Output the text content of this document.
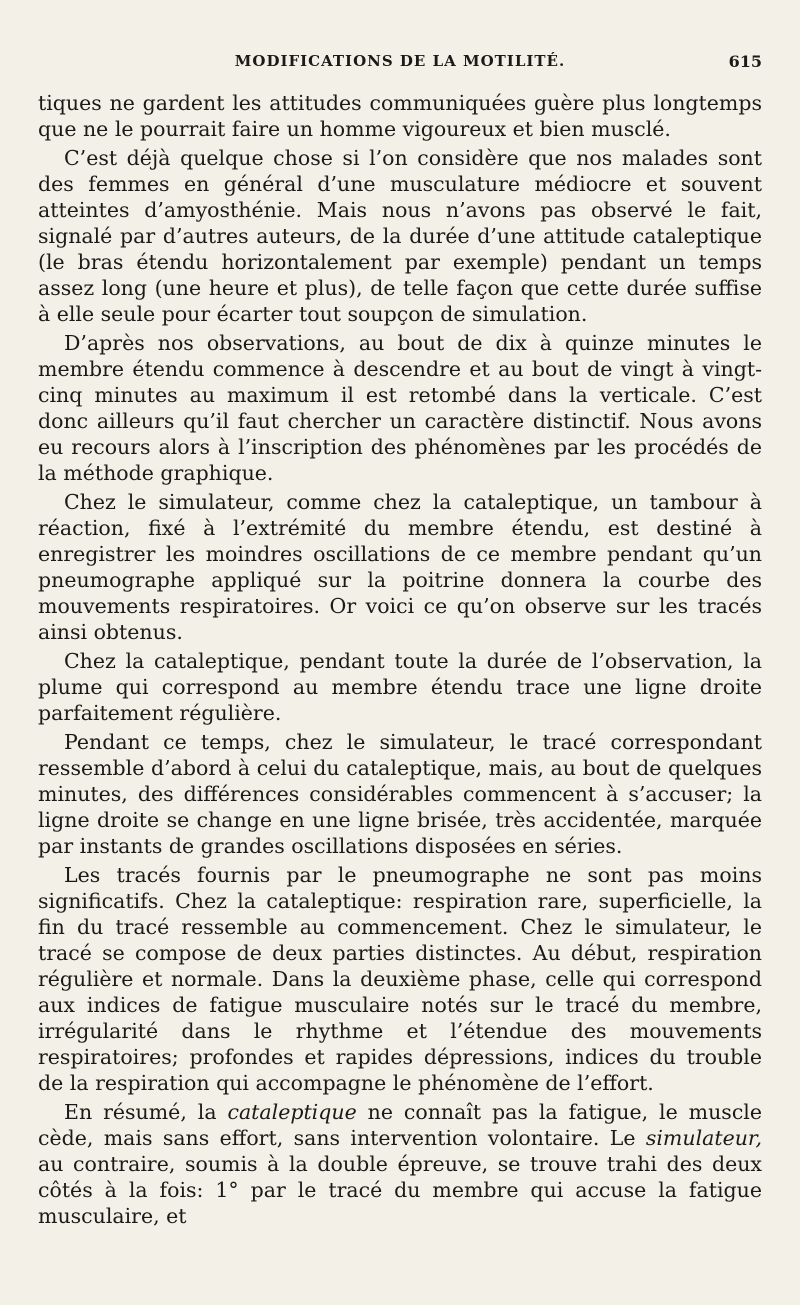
MODIFICATIONS DE LA MOTILITÉ.	615

tiques ne gardent les attitudes communiquées guère plus longtemps que ne le pourrait faire un homme vigoureux et bien musclé.

C’est déjà quelque chose si l’on considère que nos malades sont des femmes en général d’une musculature médiocre et souvent atteintes d’amyosthénie. Mais nous n’avons pas observé le fait, signalé par d’autres auteurs, de la durée d’une attitude cataleptique (le bras étendu horizontalement par exemple) pendant un temps assez long (une heure et plus), de telle façon que cette durée suffise à elle seule pour écarter tout soupçon de simulation.

D’après nos observations, au bout de dix à quinze minutes le membre étendu commence à descendre et au bout de vingt à vingt-cinq minutes au maximum il est retombé dans la verticale. C’est donc ailleurs qu’il faut chercher un caractère distinctif. Nous avons eu recours alors à l’inscription des phénomènes par les procédés de la méthode graphique.

Chez le simulateur, comme chez la cataleptique, un tambour à réaction, fixé à l’extrémité du membre étendu, est destiné à enregistrer les moindres oscillations de ce membre pendant qu’un pneumographe appliqué sur la poitrine donnera la courbe des mouvements respiratoires. Or voici ce qu’on observe sur les tracés ainsi obtenus.

Chez la cataleptique, pendant toute la durée de l’observation, la plume qui correspond au membre étendu trace une ligne droite parfaitement régulière.

Pendant ce temps, chez le simulateur, le tracé correspondant ressemble d’abord à celui du cataleptique, mais, au bout de quelques minutes, des différences considérables commencent à s’accuser; la ligne droite se change en une ligne brisée, très accidentée, marquée par instants de grandes oscillations disposées en séries.

Les tracés fournis par le pneumographe ne sont pas moins significatifs. Chez la cataleptique: respiration rare, superficielle, la fin du tracé ressemble au commencement. Chez le simulateur, le tracé se compose de deux parties distinctes. Au début, respiration régulière et normale. Dans la deuxième phase, celle qui correspond aux indices de fatigue musculaire notés sur le tracé du membre, irrégularité dans le rhythme et l’étendue des mouvements respiratoires; profondes et rapides dépressions, indices du trouble de la respiration qui accompagne le phénomène de l’effort.

En résumé, la cataleptique ne connaît pas la fatigue, le muscle cède, mais sans effort, sans intervention volontaire. Le simulateur, au contraire, soumis à la double épreuve, se trouve trahi des deux côtés à la fois: 1° par le tracé du membre qui accuse la fatigue musculaire, et
